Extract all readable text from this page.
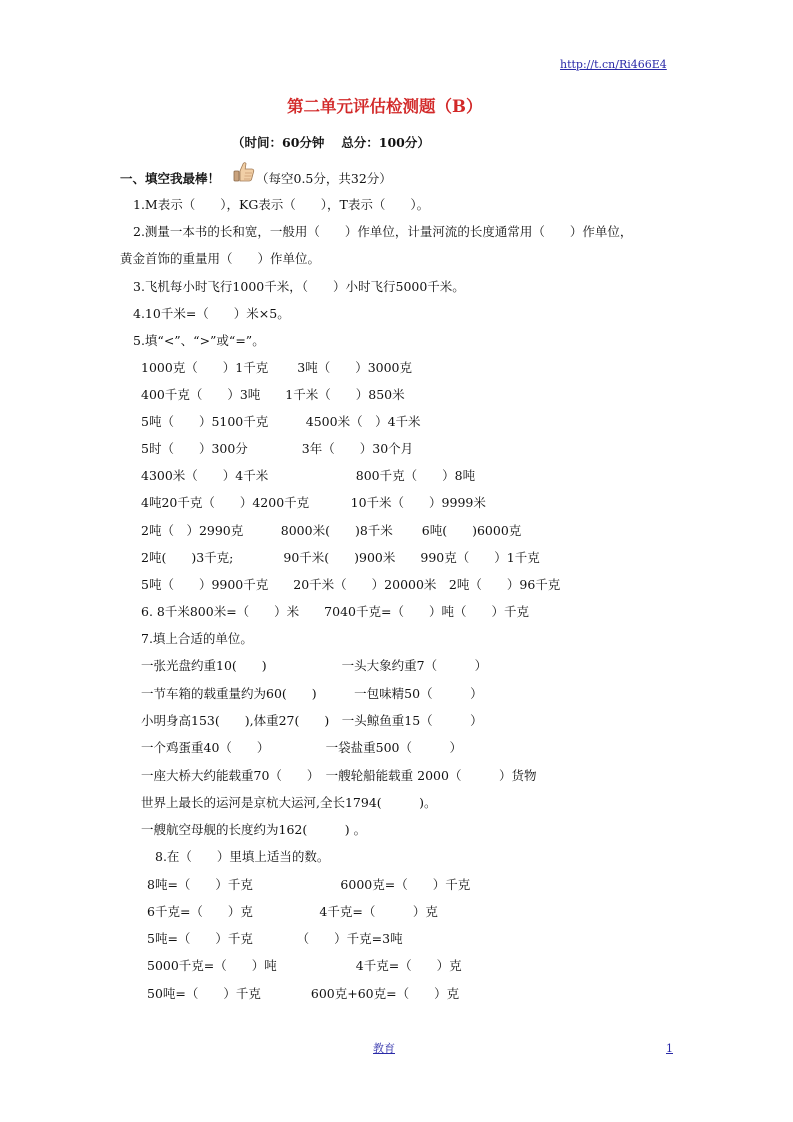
http://t.cn/Ri466E4
第二单元评估检测题（B）
（时间：60分钟　 总分：100分）
一、填空我最棒！	（每空0.5分，共32分）
1.M表示（　　），KG表示（　　），T表示（　　）。
2.测量一本书的长和宽，一般用（　　）作单位，计量河流的长度通常用（　　）作单位，
黄金首饰的重量用（　　）作单位。
3.飞机每小时飞行1000千米，（　　）小时飞行5000千米。
4.10千米=（　　）米×5。
5.填“<”、“>”或“=”。
1000克（　　）1千克　　 3吨（　　）3000克
400千克（　　）3吨　　1千米（　　）850米
5吨（　　）5100千克　　　4500米（　）4千米
5时（　　）300分　　　　 3年（　　）30个月
4300米（　　）4千米　　　　　　　800千克（　　）8吨
4吨20千克（　　）4200千克　　　 10千米（　　）9999米
2吨（　）2990克　　　8000米(　　)8千米　　 6吨(　　)6000克
2吨(　　)3千克;　　　　90千米(　　)900米　　990克（　　）1千克
5吨（　　）9900千克　　20千米（　　）20000米　2吨（　　）96千克
6. 8千米800米=（　　）米　　7040千克=（　　）吨（　　）千克
7.填上合适的单位。
一张光盘约重10(　　)　　　　　　一头大象约重7（　　　）
一节车箱的载重量约为60(　　)　　　一包味精50（　　　）
小明身高153(　　),体重27(　　)　一头鲸鱼重15（　　　）
一个鸡蛋重40（　　）　　　　　一袋盐重500（　　　）
一座大桥大约能载重70（　　）　一艘轮船能载重 2000（　　　）货物
世界上最长的运河是京杭大运河,全长1794(　　　)。
一艘航空母舰的长度约为162(　　　) 。
8.在（　　）里填上适当的数。
8吨=（　　）千克　　　　　　　6000克=（　　）千克
6千克=（　　）克　　　　　 4千克=（　　　）克
5吨=（　　）千克　　　　（　　）千克=3吨
5000千克=（　　）吨　　　　　　 4千克=（　　）克
50吨=（　　）千克　　　　600克+60克=（　　）克
教育	1
